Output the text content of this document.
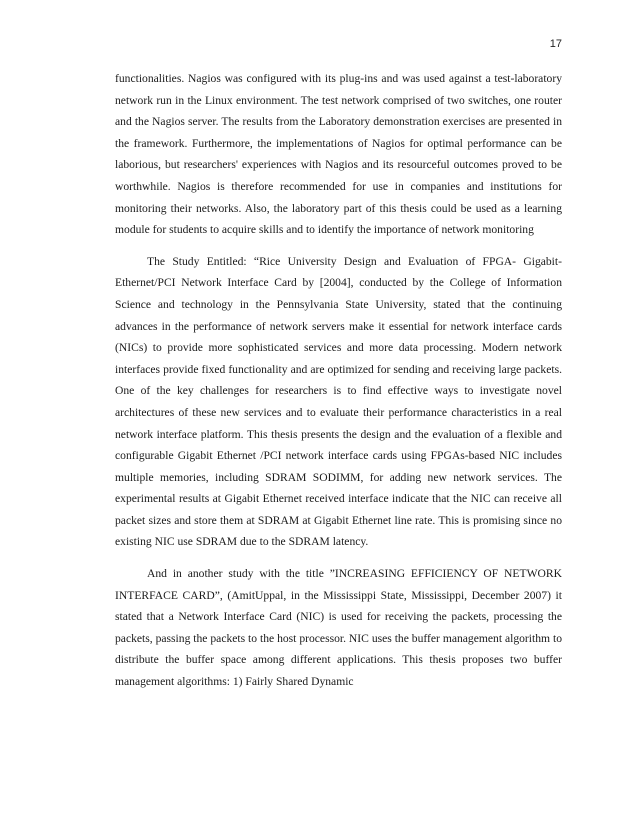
17

functionalities. Nagios was configured with its plug-ins and was used against a test-laboratory network run in the Linux environment. The test network comprised of two switches, one router and the Nagios server. The results from the Laboratory demonstration exercises are presented in the framework. Furthermore, the implementations of Nagios for optimal performance can be laborious, but researchers' experiences with Nagios and its resourceful outcomes proved to be worthwhile. Nagios is therefore recommended for use in companies and institutions for monitoring their networks. Also, the laboratory part of this thesis could be used as a learning module for students to acquire skills and to identify the importance of network monitoring

The Study Entitled: “Rice University Design and Evaluation of FPGA- Gigabit-Ethernet/PCI Network Interface Card by [2004], conducted by the College of Information Science and technology in the Pennsylvania State University, stated that the continuing advances in the performance of network servers make it essential for network interface cards (NICs) to provide more sophisticated services and more data processing. Modern network interfaces provide fixed functionality and are optimized for sending and receiving large packets. One of the key challenges for researchers is to find effective ways to investigate novel architectures of these new services and to evaluate their performance characteristics in a real network interface platform. This thesis presents the design and the evaluation of a flexible and configurable Gigabit Ethernet /PCI network interface cards using FPGAs-based NIC includes multiple memories, including SDRAM SODIMM, for adding new network services. The experimental results at Gigabit Ethernet received interface indicate that the NIC can receive all packet sizes and store them at SDRAM at Gigabit Ethernet line rate. This is promising since no existing NIC use SDRAM due to the SDRAM latency.

And in another study with the title ”INCREASING EFFICIENCY OF NETWORK INTERFACE CARD”, (AmitUppal, in the Mississippi State, Mississippi, December 2007) it stated that a Network Interface Card (NIC) is used for receiving the packets, processing the packets, passing the packets to the host processor. NIC uses the buffer management algorithm to distribute the buffer space among different applications. This thesis proposes two buffer management algorithms: 1) Fairly Shared Dynamic
